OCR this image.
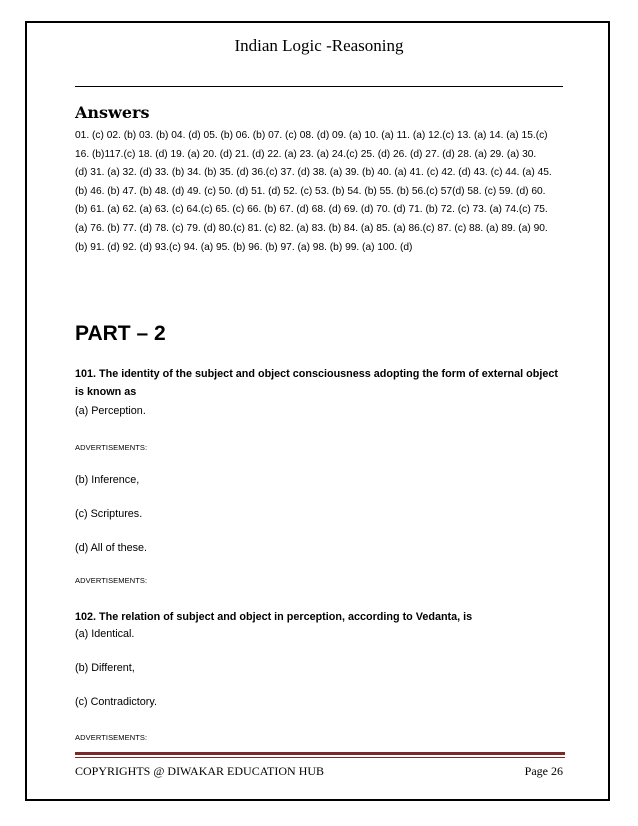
Indian Logic -Reasoning
Answers
01. (c) 02. (b) 03. (b) 04. (d) 05. (b) 06. (b) 07. (c) 08. (d) 09. (a) 10. (a) 11. (a) 12.(c) 13. (a) 14. (a) 15.(c)
16. (b)117.(c) 18. (d) 19. (a) 20. (d) 21. (d) 22. (a) 23. (a) 24.(c) 25. (d) 26. (d) 27. (d) 28. (a) 29. (a) 30.
(d) 31. (a) 32. (d) 33. (b) 34. (b) 35. (d) 36.(c) 37. (d) 38. (a) 39. (b) 40. (a) 41. (c) 42. (d) 43. (c) 44. (a) 45.
(b) 46. (b) 47. (b) 48. (d) 49. (c) 50. (d) 51. (d) 52. (c) 53. (b) 54. (b) 55. (b) 56.(c) 57(d) 58. (c) 59. (d) 60.
(b) 61. (a) 62. (a) 63. (c) 64.(c) 65. (c) 66. (b) 67. (d) 68. (d) 69. (d) 70. (d) 71. (b) 72. (c) 73. (a) 74.(c) 75.
(a) 76. (b) 77. (d) 78. (c) 79. (d) 80.(c) 81. (c) 82. (a) 83. (b) 84. (a) 85. (a) 86.(c) 87. (c) 88. (a) 89. (a) 90.
(b) 91. (d) 92. (d) 93.(c) 94. (a) 95. (b) 96. (b) 97. (a) 98. (b) 99. (a) 100. (d)
PART – 2
101. The identity of the subject and object consciousness adopting the form of external object is known as
(a) Perception.
ADVERTISEMENTS:
(b) Inference,
(c) Scriptures.
(d) All of these.
ADVERTISEMENTS:
102. The relation of subject and object in perception, according to Vedanta, is
(a) Identical.
(b) Different,
(c) Contradictory.
ADVERTISEMENTS:
COPYRIGHTS @ DIWAKAR EDUCATION HUB	Page 26
